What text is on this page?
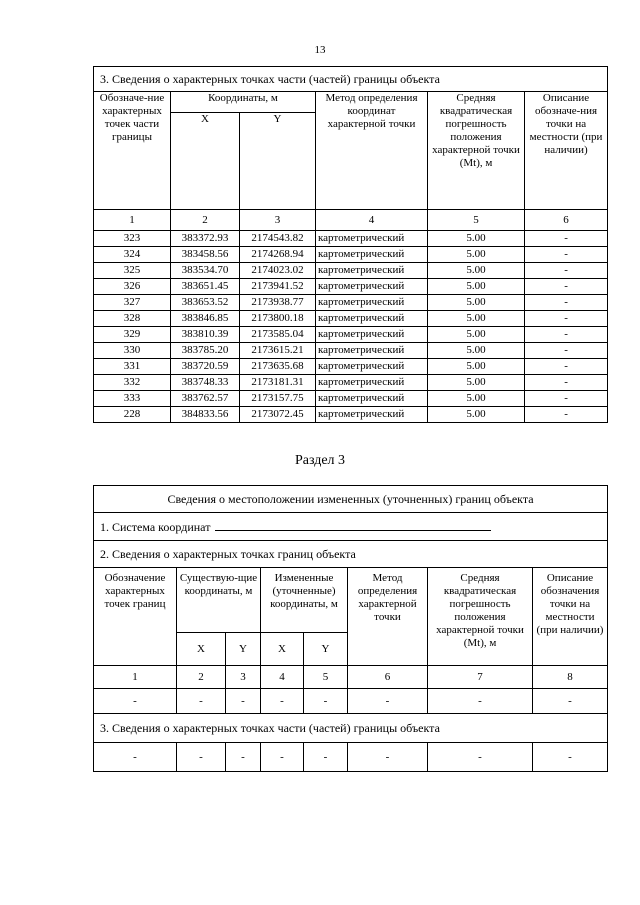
13
3. Сведения о характерных точках части (частей) границы объекта					
Обозначе-ние характерных точек части границы	Координаты, м		Метод определения координат характерной точки	Средняя квадратическая погрешность положения характерной точки (Mt), м	Описание обозначе-ния точки на местности (при наличии)
	X	Y			
1	2	3	4	5	6
323	383372.93	2174543.82	картометрический	5.00	-
324	383458.56	2174268.94	картометрический	5.00	-
325	383534.70	2174023.02	картометрический	5.00	-
326	383651.45	2173941.52	картометрический	5.00	-
327	383653.52	2173938.77	картометрический	5.00	-
328	383846.85	2173800.18	картометрический	5.00	-
329	383810.39	2173585.04	картометрический	5.00	-
330	383785.20	2173615.21	картометрический	5.00	-
331	383720.59	2173635.68	картометрический	5.00	-
332	383748.33	2173181.31	картометрический	5.00	-
333	383762.57	2173157.75	картометрический	5.00	-
228	384833.56	2173072.45	картометрический	5.00	-
Раздел 3
Сведения о местоположении измененных (уточненных) границ объекта							
1. Система координат							
2. Сведения о характерных точках границ объекта							
Обозначение характерных точек границ	Существую-щие координаты, м		Измененные (уточненные) координаты, м		Метод определения характерной точки	Средняя квадратическая погрешность положения характерной точки (Mt), м	Описание обозначения точки на местности (при наличии)
	X	Y	X	Y			
1	2	3	4	5	6	7	8
-	-	-	-	-	-	-	-
3. Сведения о характерных точках части (частей) границы объекта							
-	-	-	-	-	-	-	-
